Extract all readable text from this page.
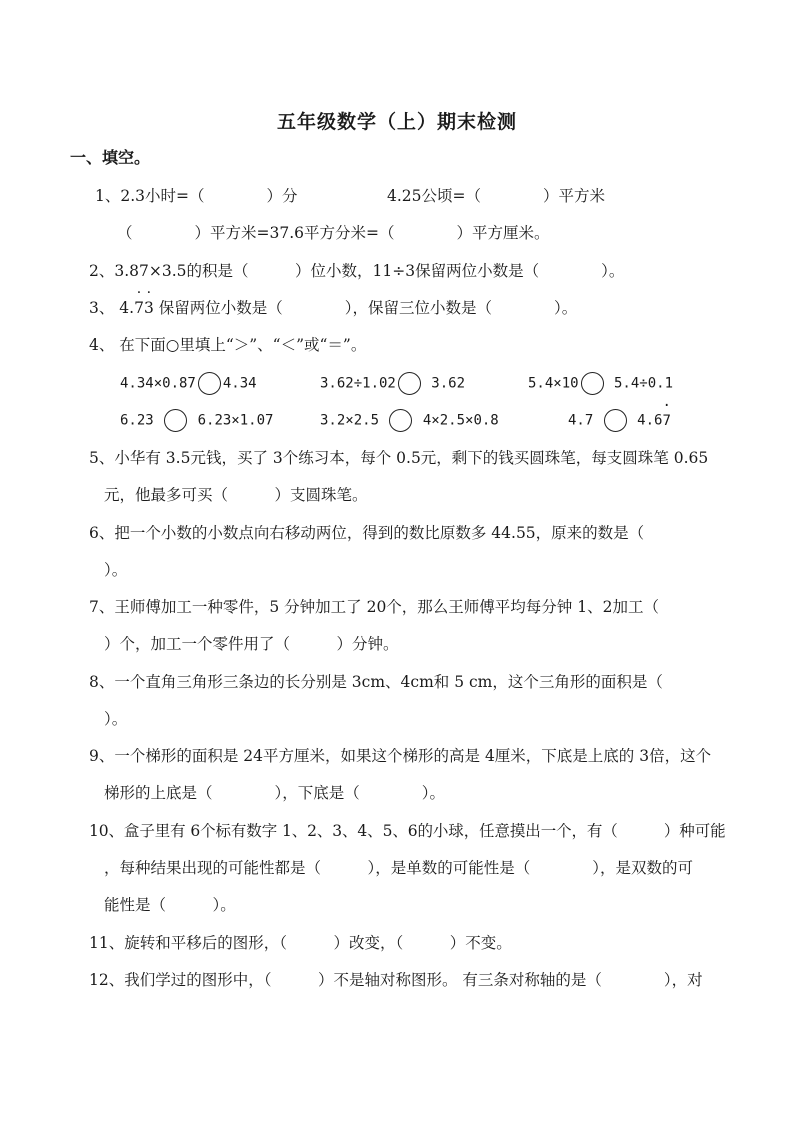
五年级数学（上）期末检测
一、填空。
1、2.3小时=（　　　　）分	4.25公顷=（　　　　）平方米
（　　　　）平方米=37.6平方分米=（　　　　）平方厘米。
2、3.87×3.5的积是（　　　）位小数，11÷3保留两位小数是（　　　　）。
3、 4.· 7· 3 保留两位小数是（　　　　），保留三位小数是（　　　　）。
4、 在下面○里填上“＞”、“＜”或“＝”。
4.34×0.87 4.34	3.62÷1.02 3.62	5.4×10 5.4÷0.1
6.23  6.23×1.07	3.2×2.5  4×2.5×0.8	4.7  4.6· 7
5、小华有 3.5元钱，买了 3个练习本，每个 0.5元，剩下的钱买圆珠笔，每支圆珠笔 0.65
元，他最多可买（　　　）支圆珠笔。
6、把一个小数的小数点向右移动两位，得到的数比原数多 44.55，原来的数是（
）。
7、王师傅加工一种零件，5 分钟加工了 20个，那么王师傅平均每分钟 1、2加工（
）个，加工一个零件用了（　　　）分钟。
8、一个直角三角形三条边的长分别是 3cm、4cm和 5 cm，这个三角形的面积是（
）。
9、一个梯形的面积是 24平方厘米，如果这个梯形的高是 4厘米，下底是上底的 3倍，这个
梯形的上底是（　　　　），下底是（　　　　）。
10、盒子里有 6个标有数字 1、2、3、4、5、6的小球，任意摸出一个，有（　　　）种可能
，每种结果出现的可能性都是（　　　），是单数的可能性是（　　　　），是双数的可
能性是（　　　）。
11、旋转和平移后的图形，（　　　）改变，（　　　）不变。
12、我们学过的图形中，（　　　）不是轴对称图形。 有三条对称轴的是（　　　　），对
